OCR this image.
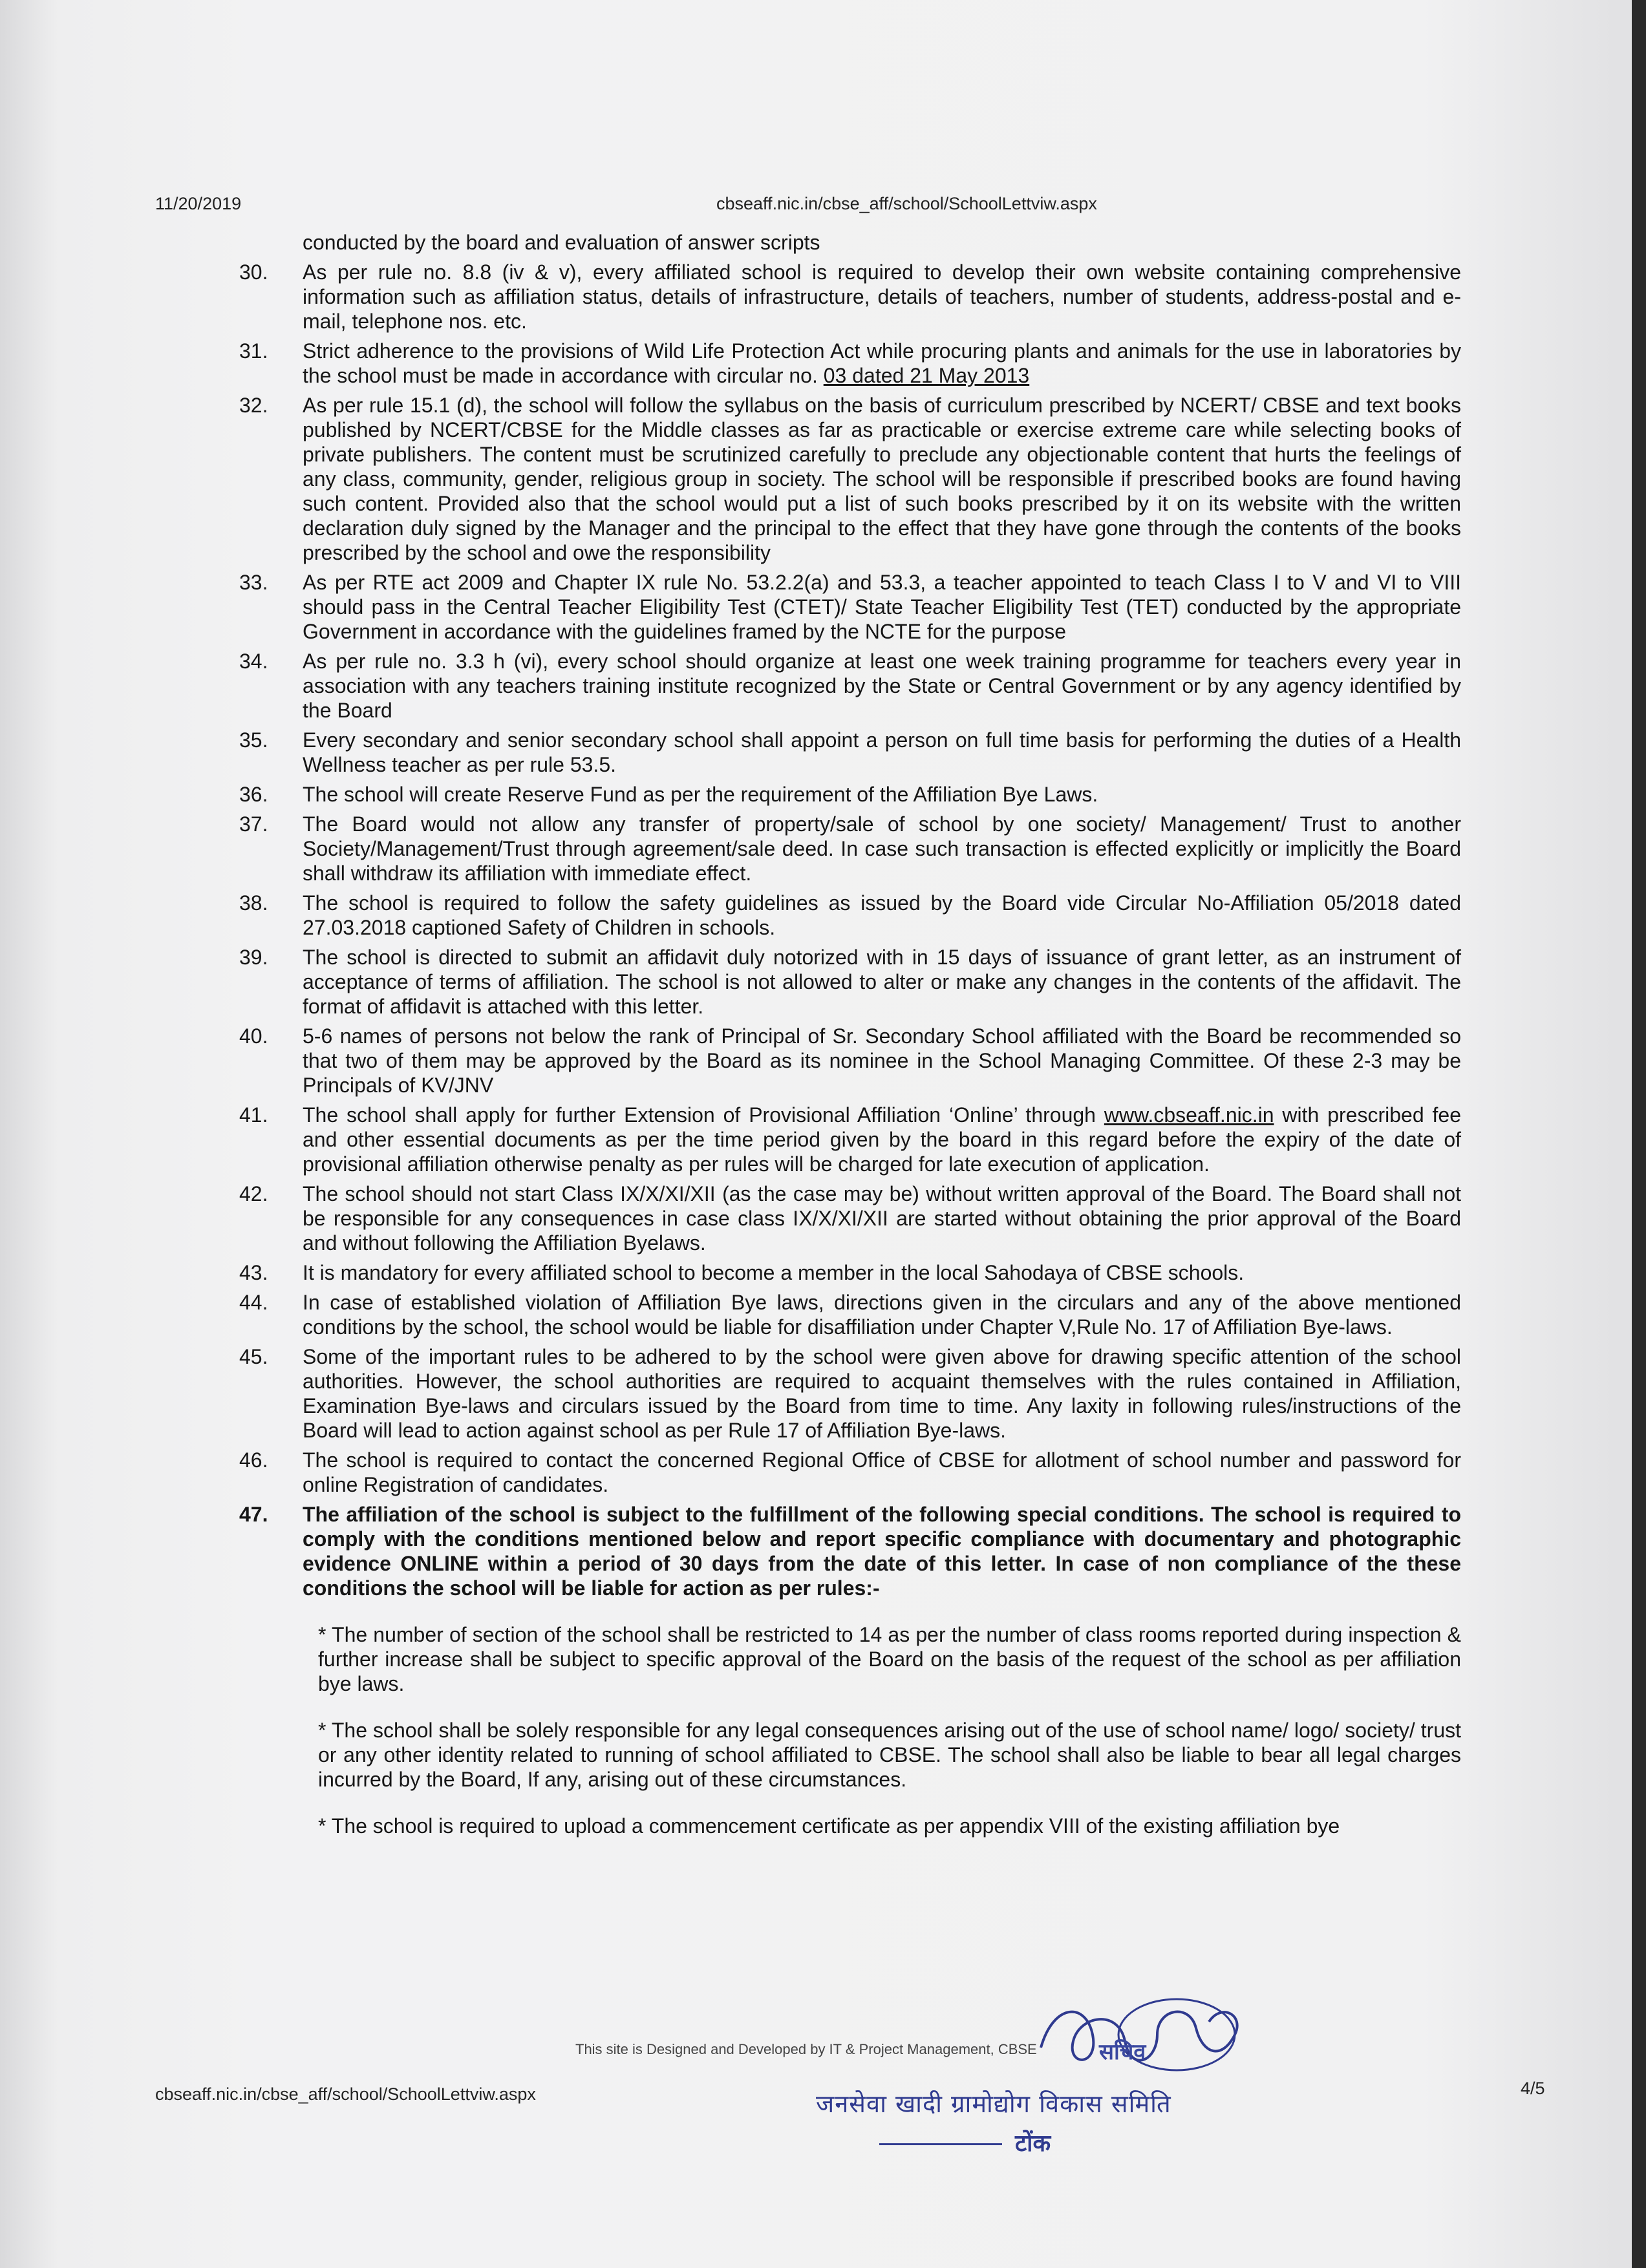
11/20/2019	cbseaff.nic.in/cbse_aff/school/SchoolLettviw.aspx
conducted by the board and evaluation of answer scripts
30.	As per rule no. 8.8 (iv & v), every affiliated school is required to develop their own website containing comprehensive information such as affiliation status, details of infrastructure, details of teachers, number of students, address-postal and e-mail, telephone nos. etc.
31.	Strict adherence to the provisions of Wild Life Protection Act while procuring plants and animals for the use in laboratories by the school must be made in accordance with circular no. 03 dated 21 May 2013
32.	As per rule 15.1 (d), the school will follow the syllabus on the basis of curriculum prescribed by NCERT/ CBSE and text books published by NCERT/CBSE for the Middle classes as far as practicable or exercise extreme care while selecting books of private publishers. The content must be scrutinized carefully to preclude any objectionable content that hurts the feelings of any class, community, gender, religious group in society. The school will be responsible if prescribed books are found having such content. Provided also that the school would put a list of such books prescribed by it on its website with the written declaration duly signed by the Manager and the principal to the effect that they have gone through the contents of the books prescribed by the school and owe the responsibility
33.	As per RTE act 2009 and Chapter IX rule No. 53.2.2(a) and 53.3, a teacher appointed to teach Class I to V and VI to VIII should pass in the Central Teacher Eligibility Test (CTET)/ State Teacher Eligibility Test (TET) conducted by the appropriate Government in accordance with the guidelines framed by the NCTE for the purpose
34.	As per rule no. 3.3 h (vi), every school should organize at least one week training programme for teachers every year in association with any teachers training institute recognized by the State or Central Government or by any agency identified by the Board
35.	Every secondary and senior secondary school shall appoint a person on full time basis for performing the duties of a Health Wellness teacher as per rule 53.5.
36.	The school will create Reserve Fund as per the requirement of the Affiliation Bye Laws.
37.	The Board would not allow any transfer of property/sale of school by one society/ Management/ Trust to another Society/Management/Trust through agreement/sale deed. In case such transaction is effected explicitly or implicitly the Board shall withdraw its affiliation with immediate effect.
38.	The school is required to follow the safety guidelines as issued by the Board vide Circular No-Affiliation 05/2018 dated 27.03.2018 captioned Safety of Children in schools.
39.	The school is directed to submit an affidavit duly notorized with in 15 days of issuance of grant letter, as an instrument of acceptance of terms of affiliation. The school is not allowed to alter or make any changes in the contents of the affidavit. The format of affidavit is attached with this letter.
40.	5-6 names of persons not below the rank of Principal of Sr. Secondary School affiliated with the Board be recommended so that two of them may be approved by the Board as its nominee in the School Managing Committee. Of these 2-3 may be Principals of KV/JNV
41.	The school shall apply for further Extension of Provisional Affiliation ‘Online’ through www.cbseaff.nic.in with prescribed fee and other essential documents as per the time period given by the board in this regard before the expiry of the date of provisional affiliation otherwise penalty as per rules will be charged for late execution of application.
42.	The school should not start Class IX/X/XI/XII (as the case may be) without written approval of the Board. The Board shall not be responsible for any consequences in case class IX/X/XI/XII are started without obtaining the prior approval of the Board and without following the Affiliation Byelaws.
43.	It is mandatory for every affiliated school to become a member in the local Sahodaya of CBSE schools.
44.	In case of established violation of Affiliation Bye laws, directions given in the circulars and any of the above mentioned conditions by the school, the school would be liable for disaffiliation under Chapter V,Rule No. 17 of Affiliation Bye-laws.
45.	Some of the important rules to be adhered to by the school were given above for drawing specific attention of the school authorities. However, the school authorities are required to acquaint themselves with the rules contained in Affiliation, Examination Bye-laws and circulars issued by the Board from time to time. Any laxity in following rules/instructions of the Board will lead to action against school as per Rule 17 of Affiliation Bye-laws.
46.	The school is required to contact the concerned Regional Office of CBSE for allotment of school number and password for online Registration of candidates.
47.	The affiliation of the school is subject to the fulfillment of the following special conditions. The school is required to comply with the conditions mentioned below and report specific compliance with documentary and photographic evidence ONLINE within a period of 30 days from the date of this letter. In case of non compliance of the these conditions the school will be liable for action as per rules:-
* The number of section of the school shall be restricted to 14 as per the number of class rooms reported during inspection & further increase shall be subject to specific approval of the Board on the basis of the request of the school as per affiliation bye laws.
* The school shall be solely responsible for any legal consequences arising out of the use of school name/ logo/ society/ trust or any other identity related to running of school affiliated to CBSE. The school shall also be liable to bear all legal charges incurred by the Board, If any, arising out of these circumstances.
* The school is required to upload a commencement certificate as per appendix VIII of the existing affiliation bye
जनसेवा खादी ग्रामोद्योग विकास समिति
टोंक
सचिव
This site is Designed and Developed by IT & Project Management, CBSE
cbseaff.nic.in/cbse_aff/school/SchoolLettviw.aspx	4/5
